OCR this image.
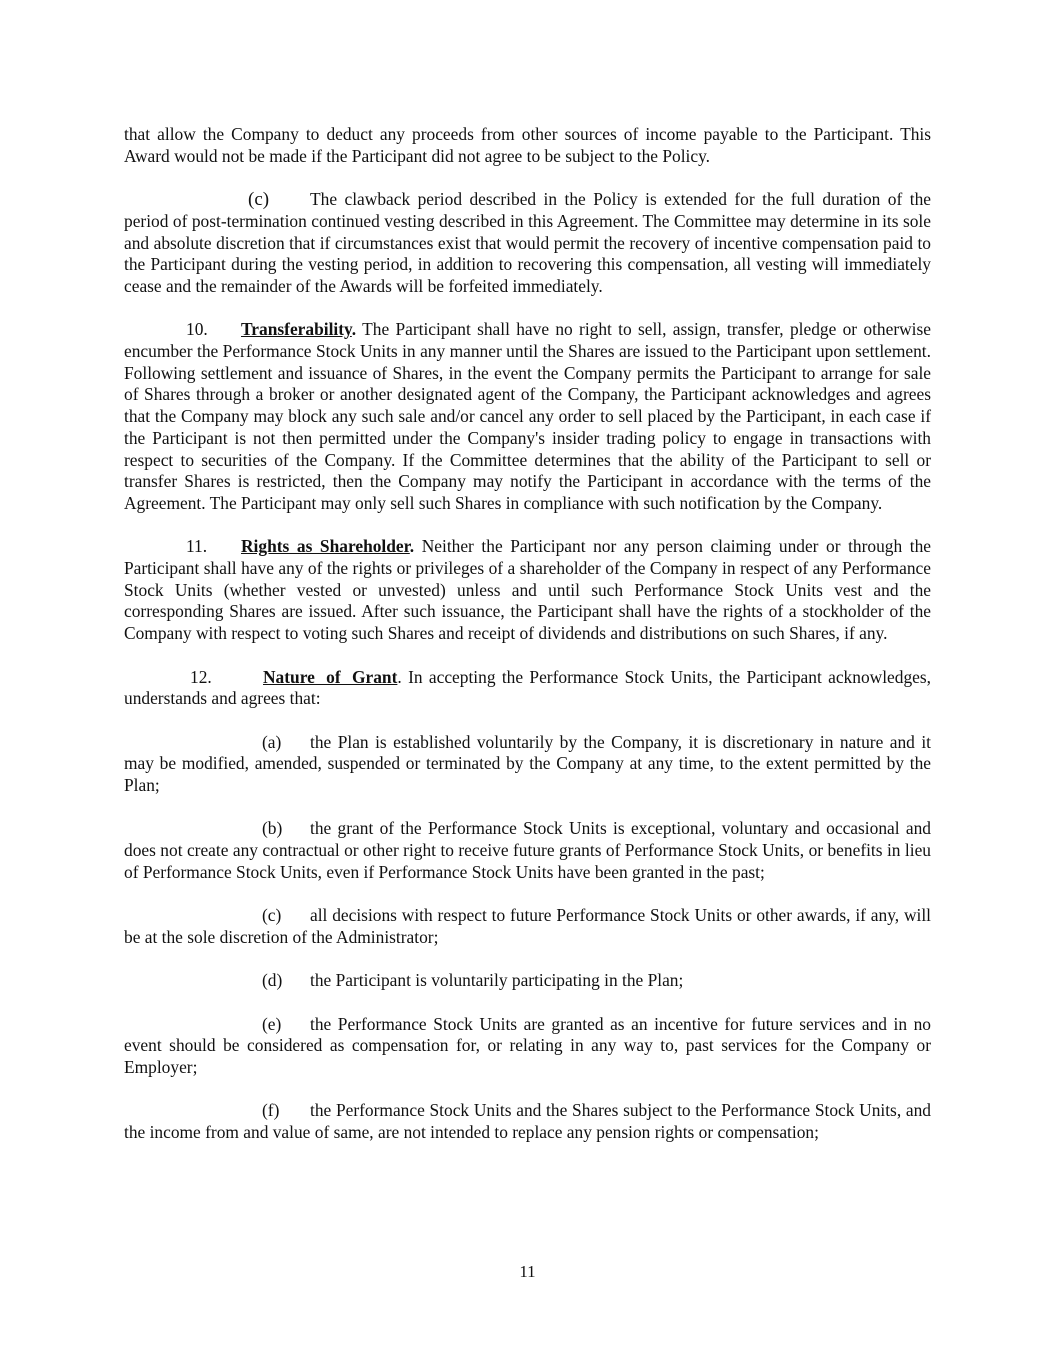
that allow the Company to deduct any proceeds from other sources of income payable to the Participant. This Award would not be made if the Participant did not agree to be subject to the Policy.

(c) The clawback period described in the Policy is extended for the full duration of the period of post-termination continued vesting described in this Agreement. The Committee may determine in its sole and absolute discretion that if circumstances exist that would permit the recovery of incentive compensation paid to the Participant during the vesting period, in addition to recovering this compensation, all vesting will immediately cease and the remainder of the Awards will be forfeited immediately.

10. Transferability. The Participant shall have no right to sell, assign, transfer, pledge or otherwise encumber the Performance Stock Units in any manner until the Shares are issued to the Participant upon settlement. Following settlement and issuance of Shares, in the event the Company permits the Participant to arrange for sale of Shares through a broker or another designated agent of the Company, the Participant acknowledges and agrees that the Company may block any such sale and/or cancel any order to sell placed by the Participant, in each case if the Participant is not then permitted under the Company's insider trading policy to engage in transactions with respect to securities of the Company. If the Committee determines that the ability of the Participant to sell or transfer Shares is restricted, then the Company may notify the Participant in accordance with the terms of the Agreement. The Participant may only sell such Shares in compliance with such notification by the Company.

11. Rights as Shareholder. Neither the Participant nor any person claiming under or through the Participant shall have any of the rights or privileges of a shareholder of the Company in respect of any Performance Stock Units (whether vested or unvested) unless and until such Performance Stock Units vest and the corresponding Shares are issued. After such issuance, the Participant shall have the rights of a stockholder of the Company with respect to voting such Shares and receipt of dividends and distributions on such Shares, if any.

12.	Nature of Grant. In accepting the Performance Stock Units, the Participant acknowledges, understands and agrees that:

(a) the Plan is established voluntarily by the Company, it is discretionary in nature and it may be modified, amended, suspended or terminated by the Company at any time, to the extent permitted by the Plan;

(b) the grant of the Performance Stock Units is exceptional, voluntary and occasional and does not create any contractual or other right to receive future grants of Performance Stock Units, or benefits in lieu of Performance Stock Units, even if Performance Stock Units have been granted in the past;

(c) all decisions with respect to future Performance Stock Units or other awards, if any, will be at the sole discretion of the Administrator;

(d) the Participant is voluntarily participating in the Plan;

(e) the Performance Stock Units are granted as an incentive for future services and in no event should be considered as compensation for, or relating in any way to, past services for the Company or Employer;

(f) the Performance Stock Units and the Shares subject to the Performance Stock Units, and the income from and value of same, are not intended to replace any pension rights or compensation;

11
